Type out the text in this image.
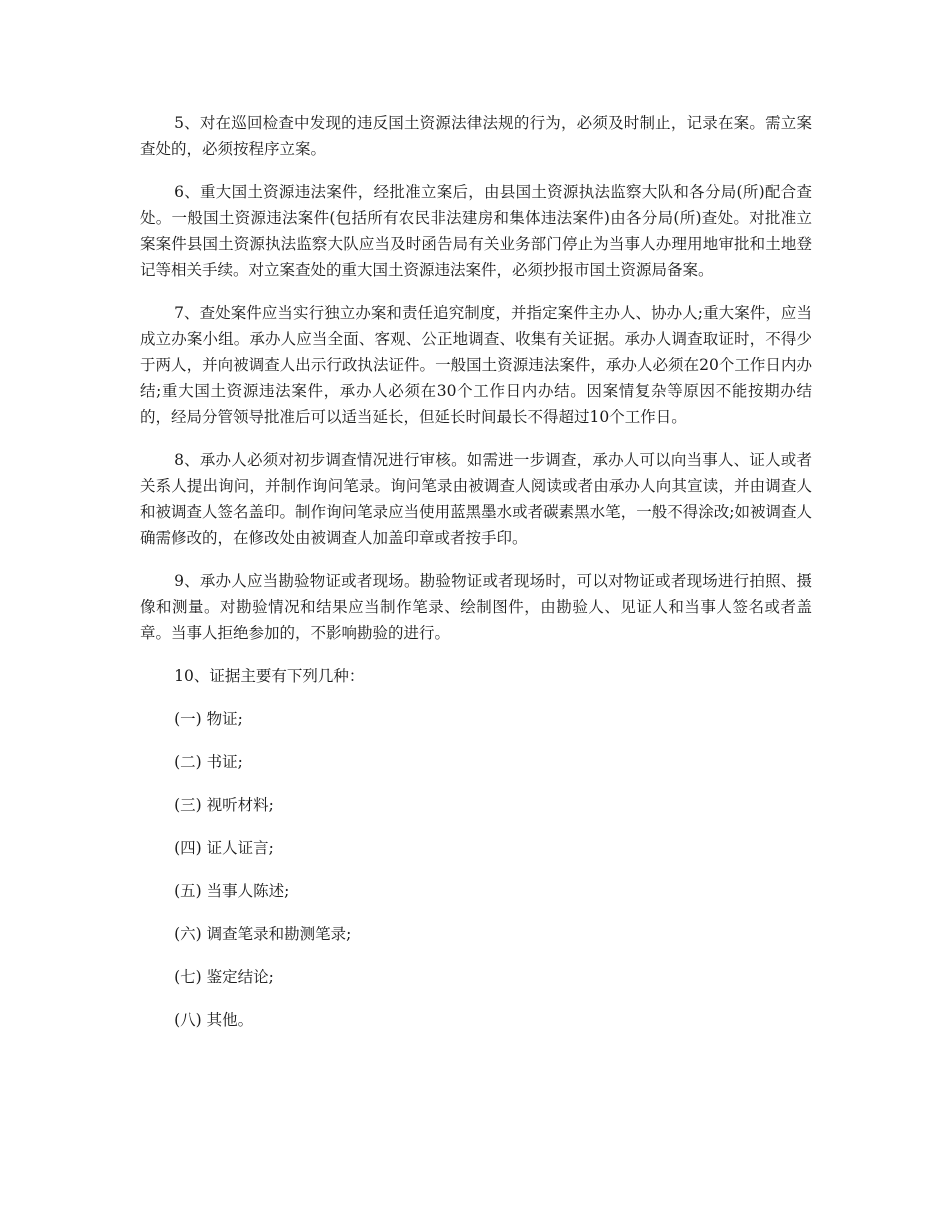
5、对在巡回检查中发现的违反国土资源法律法规的行为，必须及时制止，记录在案。需立案查处的，必须按程序立案。

6、重大国土资源违法案件，经批准立案后，由县国土资源执法监察大队和各分局(所)配合查处。一般国土资源违法案件(包括所有农民非法建房和集体违法案件)由各分局(所)查处。对批准立案案件县国土资源执法监察大队应当及时函告局有关业务部门停止为当事人办理用地审批和土地登记等相关手续。对立案查处的重大国土资源违法案件，必须抄报市国土资源局备案。

7、查处案件应当实行独立办案和责任追究制度，并指定案件主办人、协办人;重大案件，应当成立办案小组。承办人应当全面、客观、公正地调查、收集有关证据。承办人调查取证时，不得少于两人，并向被调查人出示行政执法证件。一般国土资源违法案件，承办人必须在20个工作日内办结;重大国土资源违法案件，承办人必须在30个工作日内办结。因案情复杂等原因不能按期办结的，经局分管领导批准后可以适当延长，但延长时间最长不得超过10个工作日。

8、承办人必须对初步调查情况进行审核。如需进一步调查，承办人可以向当事人、证人或者关系人提出询问，并制作询问笔录。询问笔录由被调查人阅读或者由承办人向其宣读，并由调查人和被调查人签名盖印。制作询问笔录应当使用蓝黑墨水或者碳素黑水笔，一般不得涂改;如被调查人确需修改的，在修改处由被调查人加盖印章或者按手印。

9、承办人应当勘验物证或者现场。勘验物证或者现场时，可以对物证或者现场进行拍照、摄像和测量。对勘验情况和结果应当制作笔录、绘制图件，由勘验人、见证人和当事人签名或者盖章。当事人拒绝参加的，不影响勘验的进行。

10、证据主要有下列几种：

(一) 物证;

(二) 书证;

(三) 视听材料;

(四) 证人证言;

(五) 当事人陈述;

(六) 调查笔录和勘测笔录;

(七) 鉴定结论;

(八) 其他。
